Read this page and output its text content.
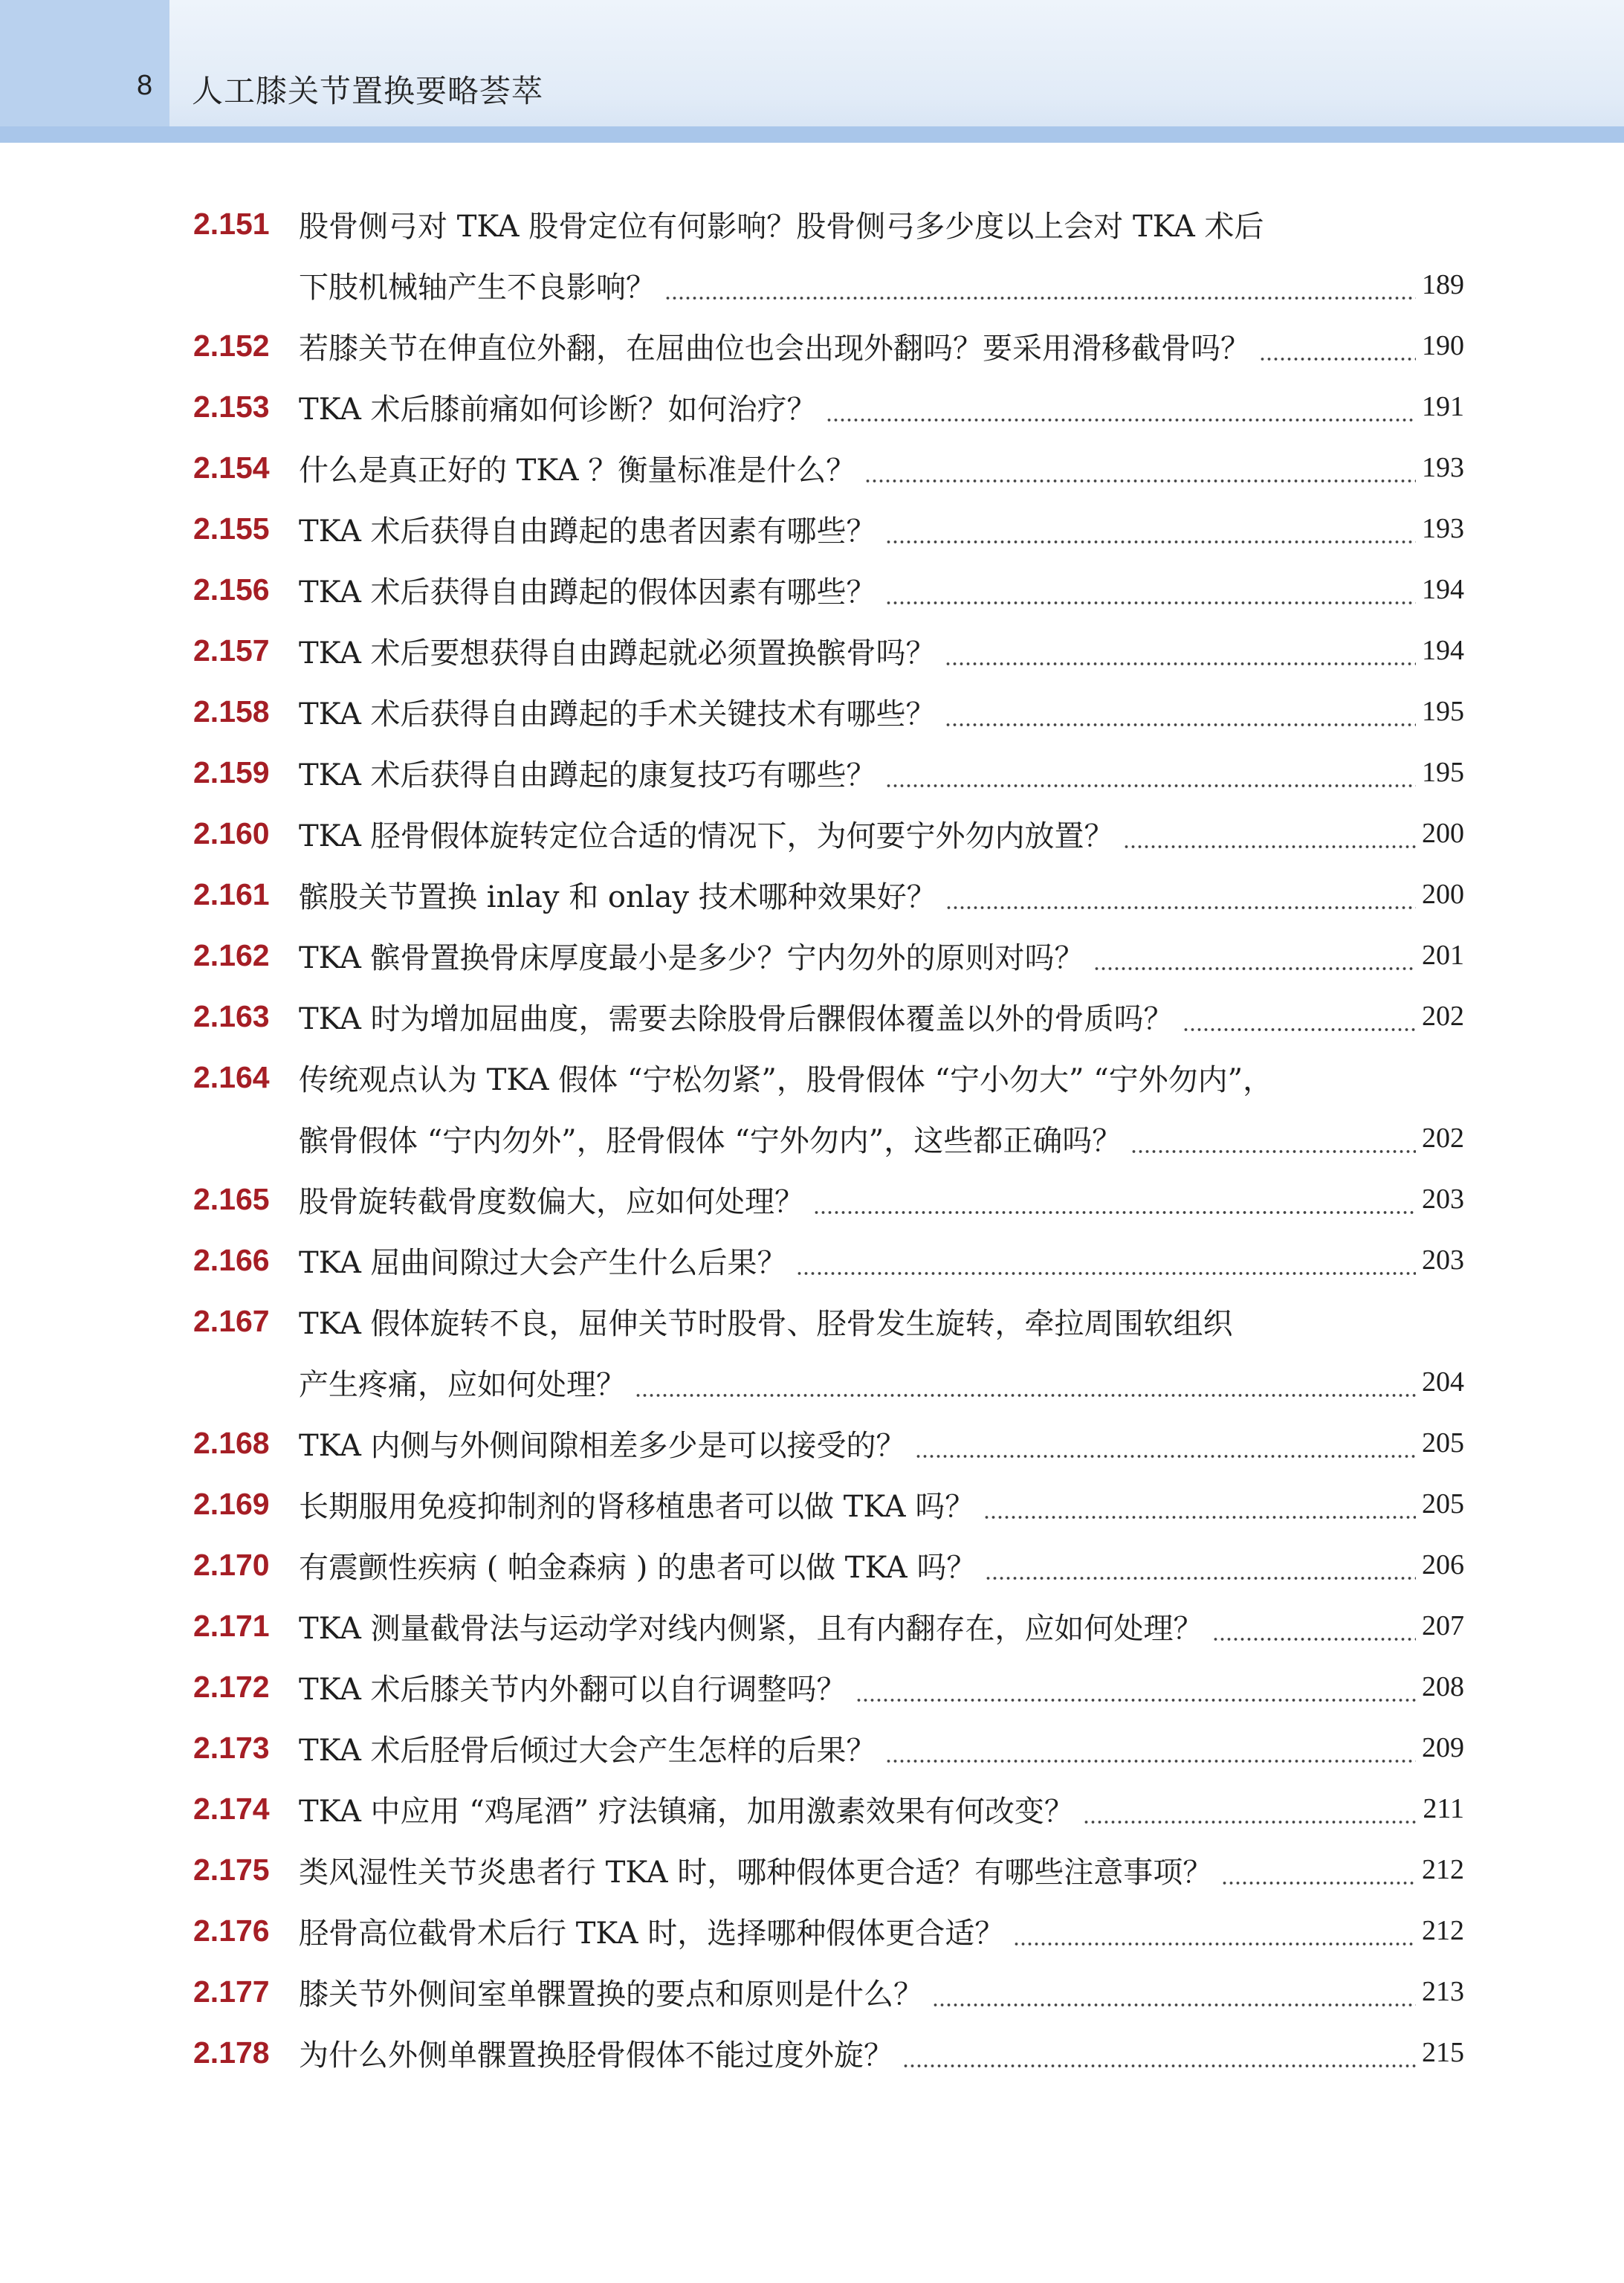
8 人工膝关节置换要略荟萃
2.151 股骨侧弓对 TKA 股骨定位有何影响？股骨侧弓多少度以上会对 TKA 术后
下肢机械轴产生不良影响？	189
2.152 若膝关节在伸直位外翻，在屈曲位也会出现外翻吗？要采用滑移截骨吗？	190
2.153 TKA 术后膝前痛如何诊断？如何治疗？	191
2.154 什么是真正好的 TKA ？衡量标准是什么？	193
2.155 TKA 术后获得自由蹲起的患者因素有哪些？	193
2.156 TKA 术后获得自由蹲起的假体因素有哪些？	194
2.157 TKA 术后要想获得自由蹲起就必须置换髌骨吗？	194
2.158 TKA 术后获得自由蹲起的手术关键技术有哪些？	195
2.159 TKA 术后获得自由蹲起的康复技巧有哪些？	195
2.160 TKA 胫骨假体旋转定位合适的情况下，为何要宁外勿内放置？	200
2.161 髌股关节置换 inlay 和 onlay 技术哪种效果好？	200
2.162 TKA 髌骨置换骨床厚度最小是多少？宁内勿外的原则对吗？	201
2.163 TKA 时为增加屈曲度，需要去除股骨后髁假体覆盖以外的骨质吗？	202
2.164 传统观点认为 TKA 假体 “宁松勿紧”，股骨假体 “宁小勿大” “宁外勿内”，
髌骨假体 “宁内勿外”，胫骨假体 “宁外勿内”，这些都正确吗？	202
2.165 股骨旋转截骨度数偏大，应如何处理？	203
2.166 TKA 屈曲间隙过大会产生什么后果？	203
2.167 TKA 假体旋转不良，屈伸关节时股骨、胫骨发生旋转，牵拉周围软组织
产生疼痛，应如何处理？	204
2.168 TKA 内侧与外侧间隙相差多少是可以接受的？	205
2.169 长期服用免疫抑制剂的肾移植患者可以做 TKA 吗？	205
2.170 有震颤性疾病 ( 帕金森病 ) 的患者可以做 TKA 吗？	206
2.171 TKA 测量截骨法与运动学对线内侧紧，且有内翻存在，应如何处理？	207
2.172 TKA 术后膝关节内外翻可以自行调整吗？	208
2.173 TKA 术后胫骨后倾过大会产生怎样的后果？	209
2.174 TKA 中应用 “鸡尾酒” 疗法镇痛，加用激素效果有何改变？	211
2.175 类风湿性关节炎患者行 TKA 时，哪种假体更合适？有哪些注意事项？	212
2.176 胫骨高位截骨术后行 TKA 时，选择哪种假体更合适？	212
2.177 膝关节外侧间室单髁置换的要点和原则是什么？	213
2.178 为什么外侧单髁置换胫骨假体不能过度外旋？	215
